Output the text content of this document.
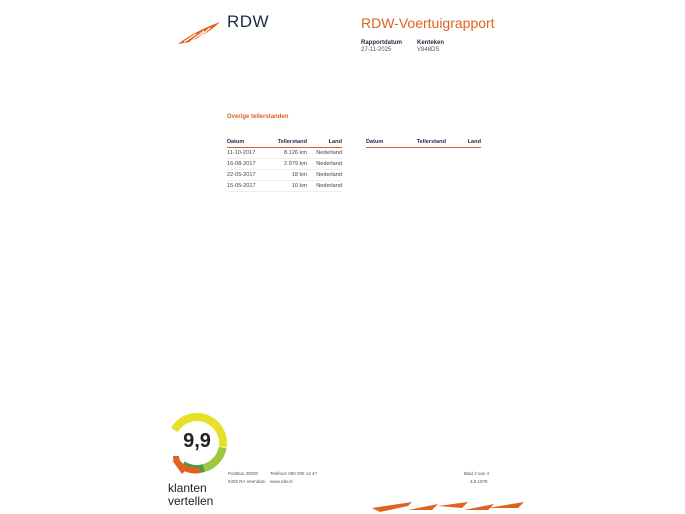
RDW	RDW-Voertuigrapport
Rapportdatum
27-11-2025
Kenteken
V848DS
Overige tellerstanden
Datum	Tellerstand	Land
11-10-2017	8.126 km	Nederland
16-08-2017	2.979 km	Nederland
22-05-2017	18 km	Nederland
15-05-2017	10 km	Nederland
Datum	Tellerstand	Land
Postbus 30000
9400 RA Veendam
Telefoon 088 008 14 47
www.rdw.nl
Blad 2 van 4
3.6.1978
9,9
klanten
vertellen
